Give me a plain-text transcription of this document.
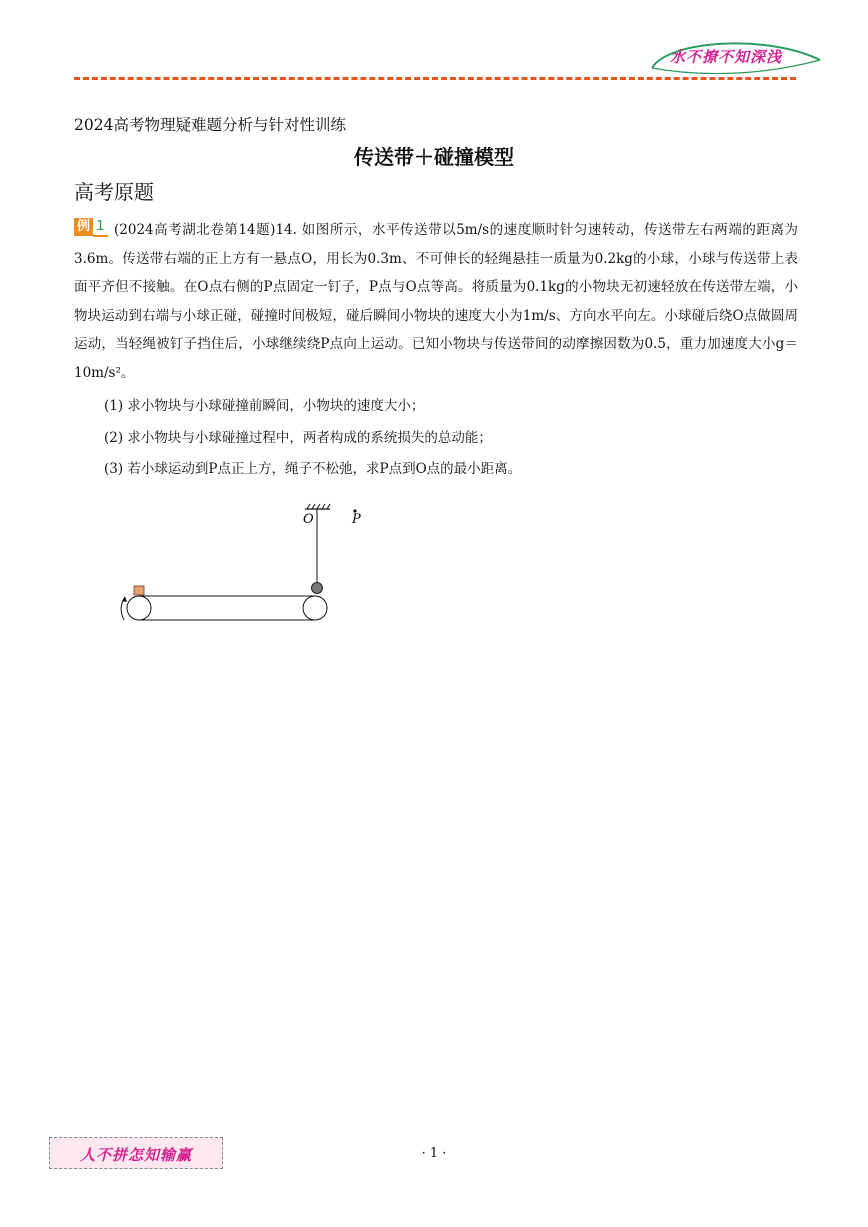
水不撩不知深浅
2024高考物理疑难题分析与针对性训练
传送带＋碰撞模型
高考原题
例 1 (2024高考湖北卷第14题)14. 如图所示，水平传送带以5m/s的速度顺时针匀速转动，传送带左右两端的距离为3.6m。传送带右端的正上方有一悬点O，用长为0.3m、不可伸长的轻绳悬挂一质量为0.2kg的小球，小球与传送带上表面平齐但不接触。在O点右侧的P点固定一钉子，P点与O点等高。将质量为0.1kg的小物块无初速轻放在传送带左端，小物块运动到右端与小球正碰，碰撞时间极短，碰后瞬间小物块的速度大小为1m/s、方向水平向左。小球碰后绕O点做圆周运动，当轻绳被钉子挡住后，小球继续绕P点向上运动。已知小物块与传送带间的动摩擦因数为0.5，重力加速度大小g＝10m/s²。
(1) 求小物块与小球碰撞前瞬间，小物块的速度大小；
(2) 求小物块与小球碰撞过程中，两者构成的系统损失的总动能；
(3) 若小球运动到P点正上方，绳子不松弛，求P点到O点的最小距离。
O	P
人不拼怎知输赢	· 1 ·
